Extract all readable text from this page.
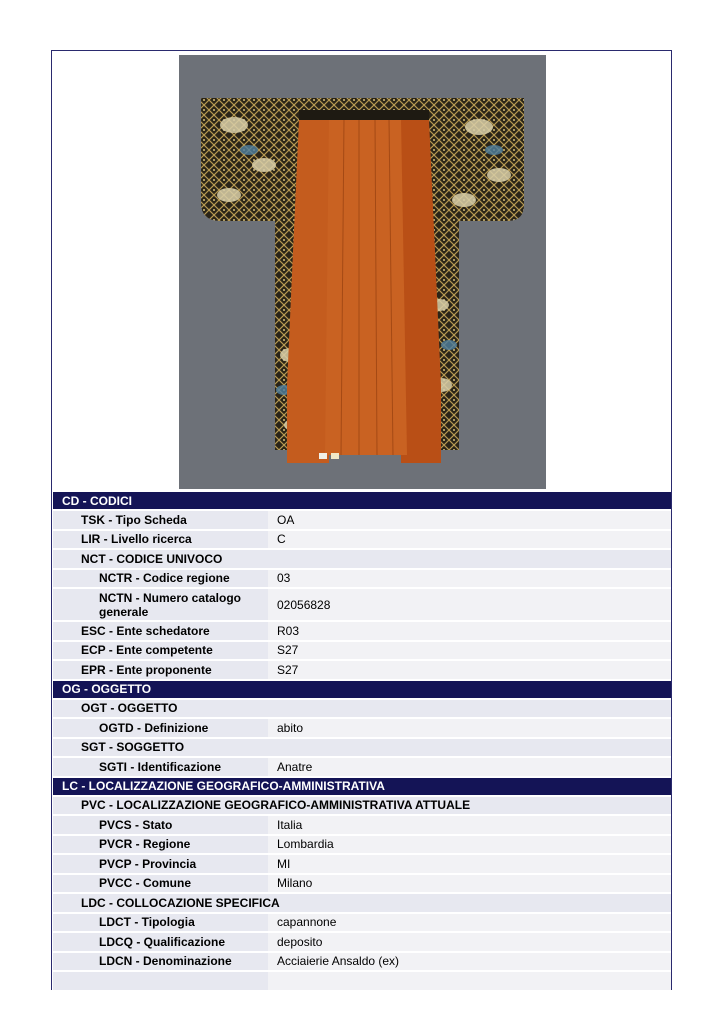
CD - CODICI	
TSK - Tipo Scheda	OA
LIR - Livello ricerca	C
NCT - CODICE UNIVOCO	
NCTR - Codice regione	03
NCTN - Numero catalogo generale	02056828
ESC - Ente schedatore	R03
ECP - Ente competente	S27
EPR - Ente proponente	S27
OG - OGGETTO	
OGT - OGGETTO	
OGTD - Definizione	abito
SGT - SOGGETTO	
SGTI - Identificazione	Anatre
LC - LOCALIZZAZIONE GEOGRAFICO-AMMINISTRATIVA	
PVC - LOCALIZZAZIONE GEOGRAFICO-AMMINISTRATIVA ATTUALE	
PVCS - Stato	Italia
PVCR - Regione	Lombardia
PVCP - Provincia	MI
PVCC - Comune	Milano
LDC - COLLOCAZIONE SPECIFICA	
LDCT - Tipologia	capannone
LDCQ - Qualificazione	deposito
LDCN - Denominazione	Acciaierie Ansaldo (ex)
